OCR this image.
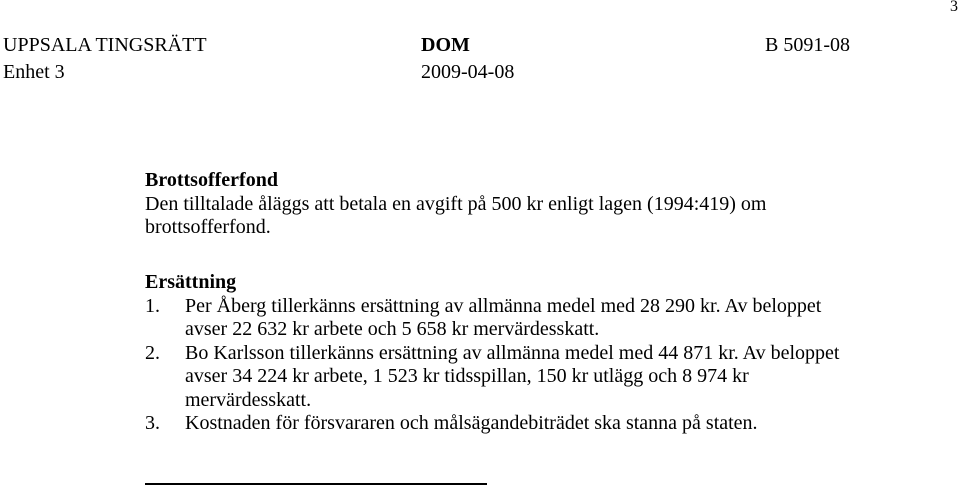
3
UPPSALA TINGSRÄTT
Enhet 3
DOM
2009-04-08
B 5091-08
Brottsofferfond
Den tilltalade åläggs att betala en avgift på 500 kr enligt lagen (1994:419) om
brottsofferfond.
Ersättning
1. Per Åberg tillerkänns ersättning av allmänna medel med 28 290 kr. Av beloppet
avser 22 632 kr arbete och 5 658 kr mervärdesskatt.
2. Bo Karlsson tillerkänns ersättning av allmänna medel med 44 871 kr. Av beloppet
avser 34 224 kr arbete, 1 523 kr tidsspillan, 150 kr utlägg och 8 974 kr
mervärdesskatt.
3. Kostnaden för försvararen och målsägandebiträdet ska stanna på staten.
